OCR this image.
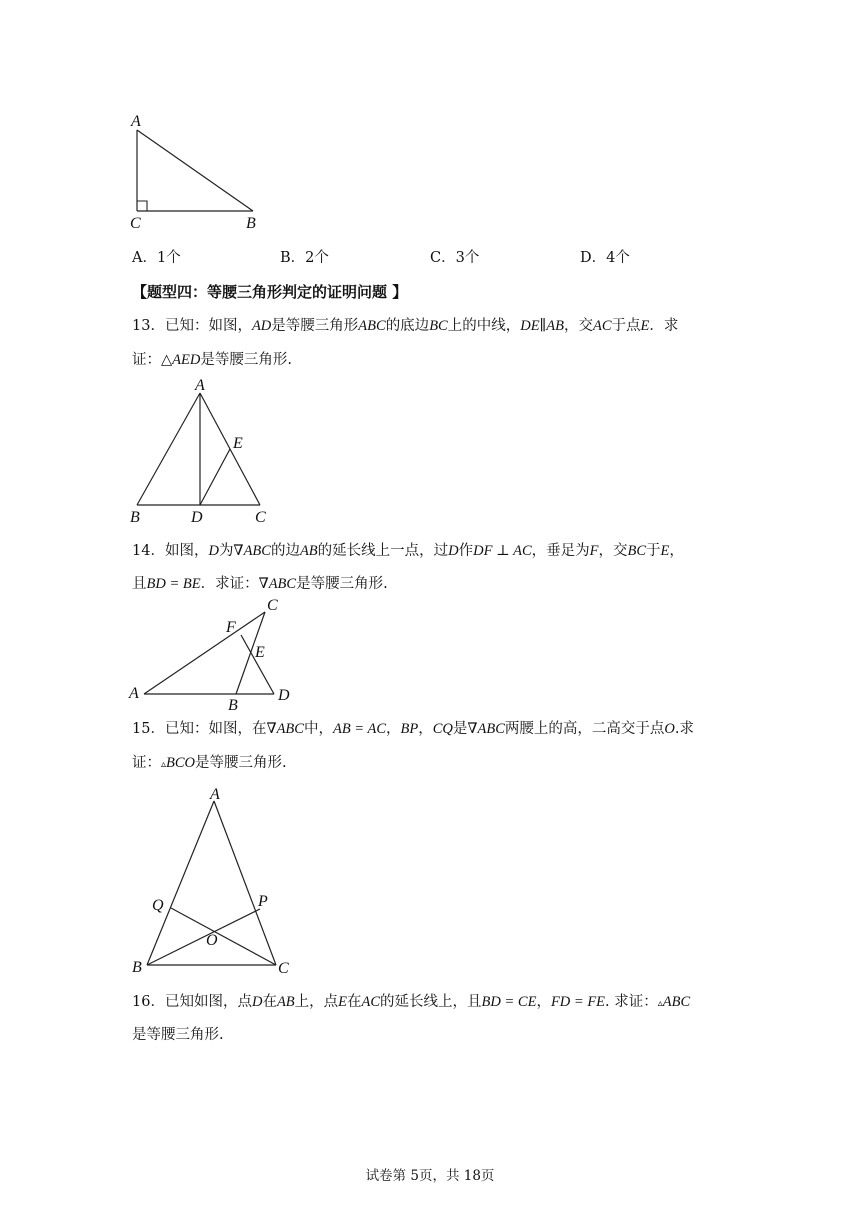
A
C	B
A．1个	B．2个	C．3个	D．4个
【题型四：等腰三角形判定的证明问题 】
13．已知：如图，AD是等腰三角形ABC的底边BC上的中线，DE∥AB，交AC于点E．求
证：△AED是等腰三角形.
A
E
B	D	C
14．如图，D为∇ABC的边AB的延长线上一点，过D作DF ⊥ AC，垂足为F，交BC于E，
且BD = BE．求证：∇ABC是等腰三角形.
C
F
E
A
B
D
15．已知：如图，在∇ABC中，AB = AC，BP，CQ是∇ABC两腰上的高，二高交于点O.求
证：▵BCO是等腰三角形.
A
Q	P
O
B	C
16．已知如图，点D在AB上，点E在AC的延长线上，且BD = CE，FD = FE. 求证：▵ABC
是等腰三角形.
试卷第 5页，共 18页
